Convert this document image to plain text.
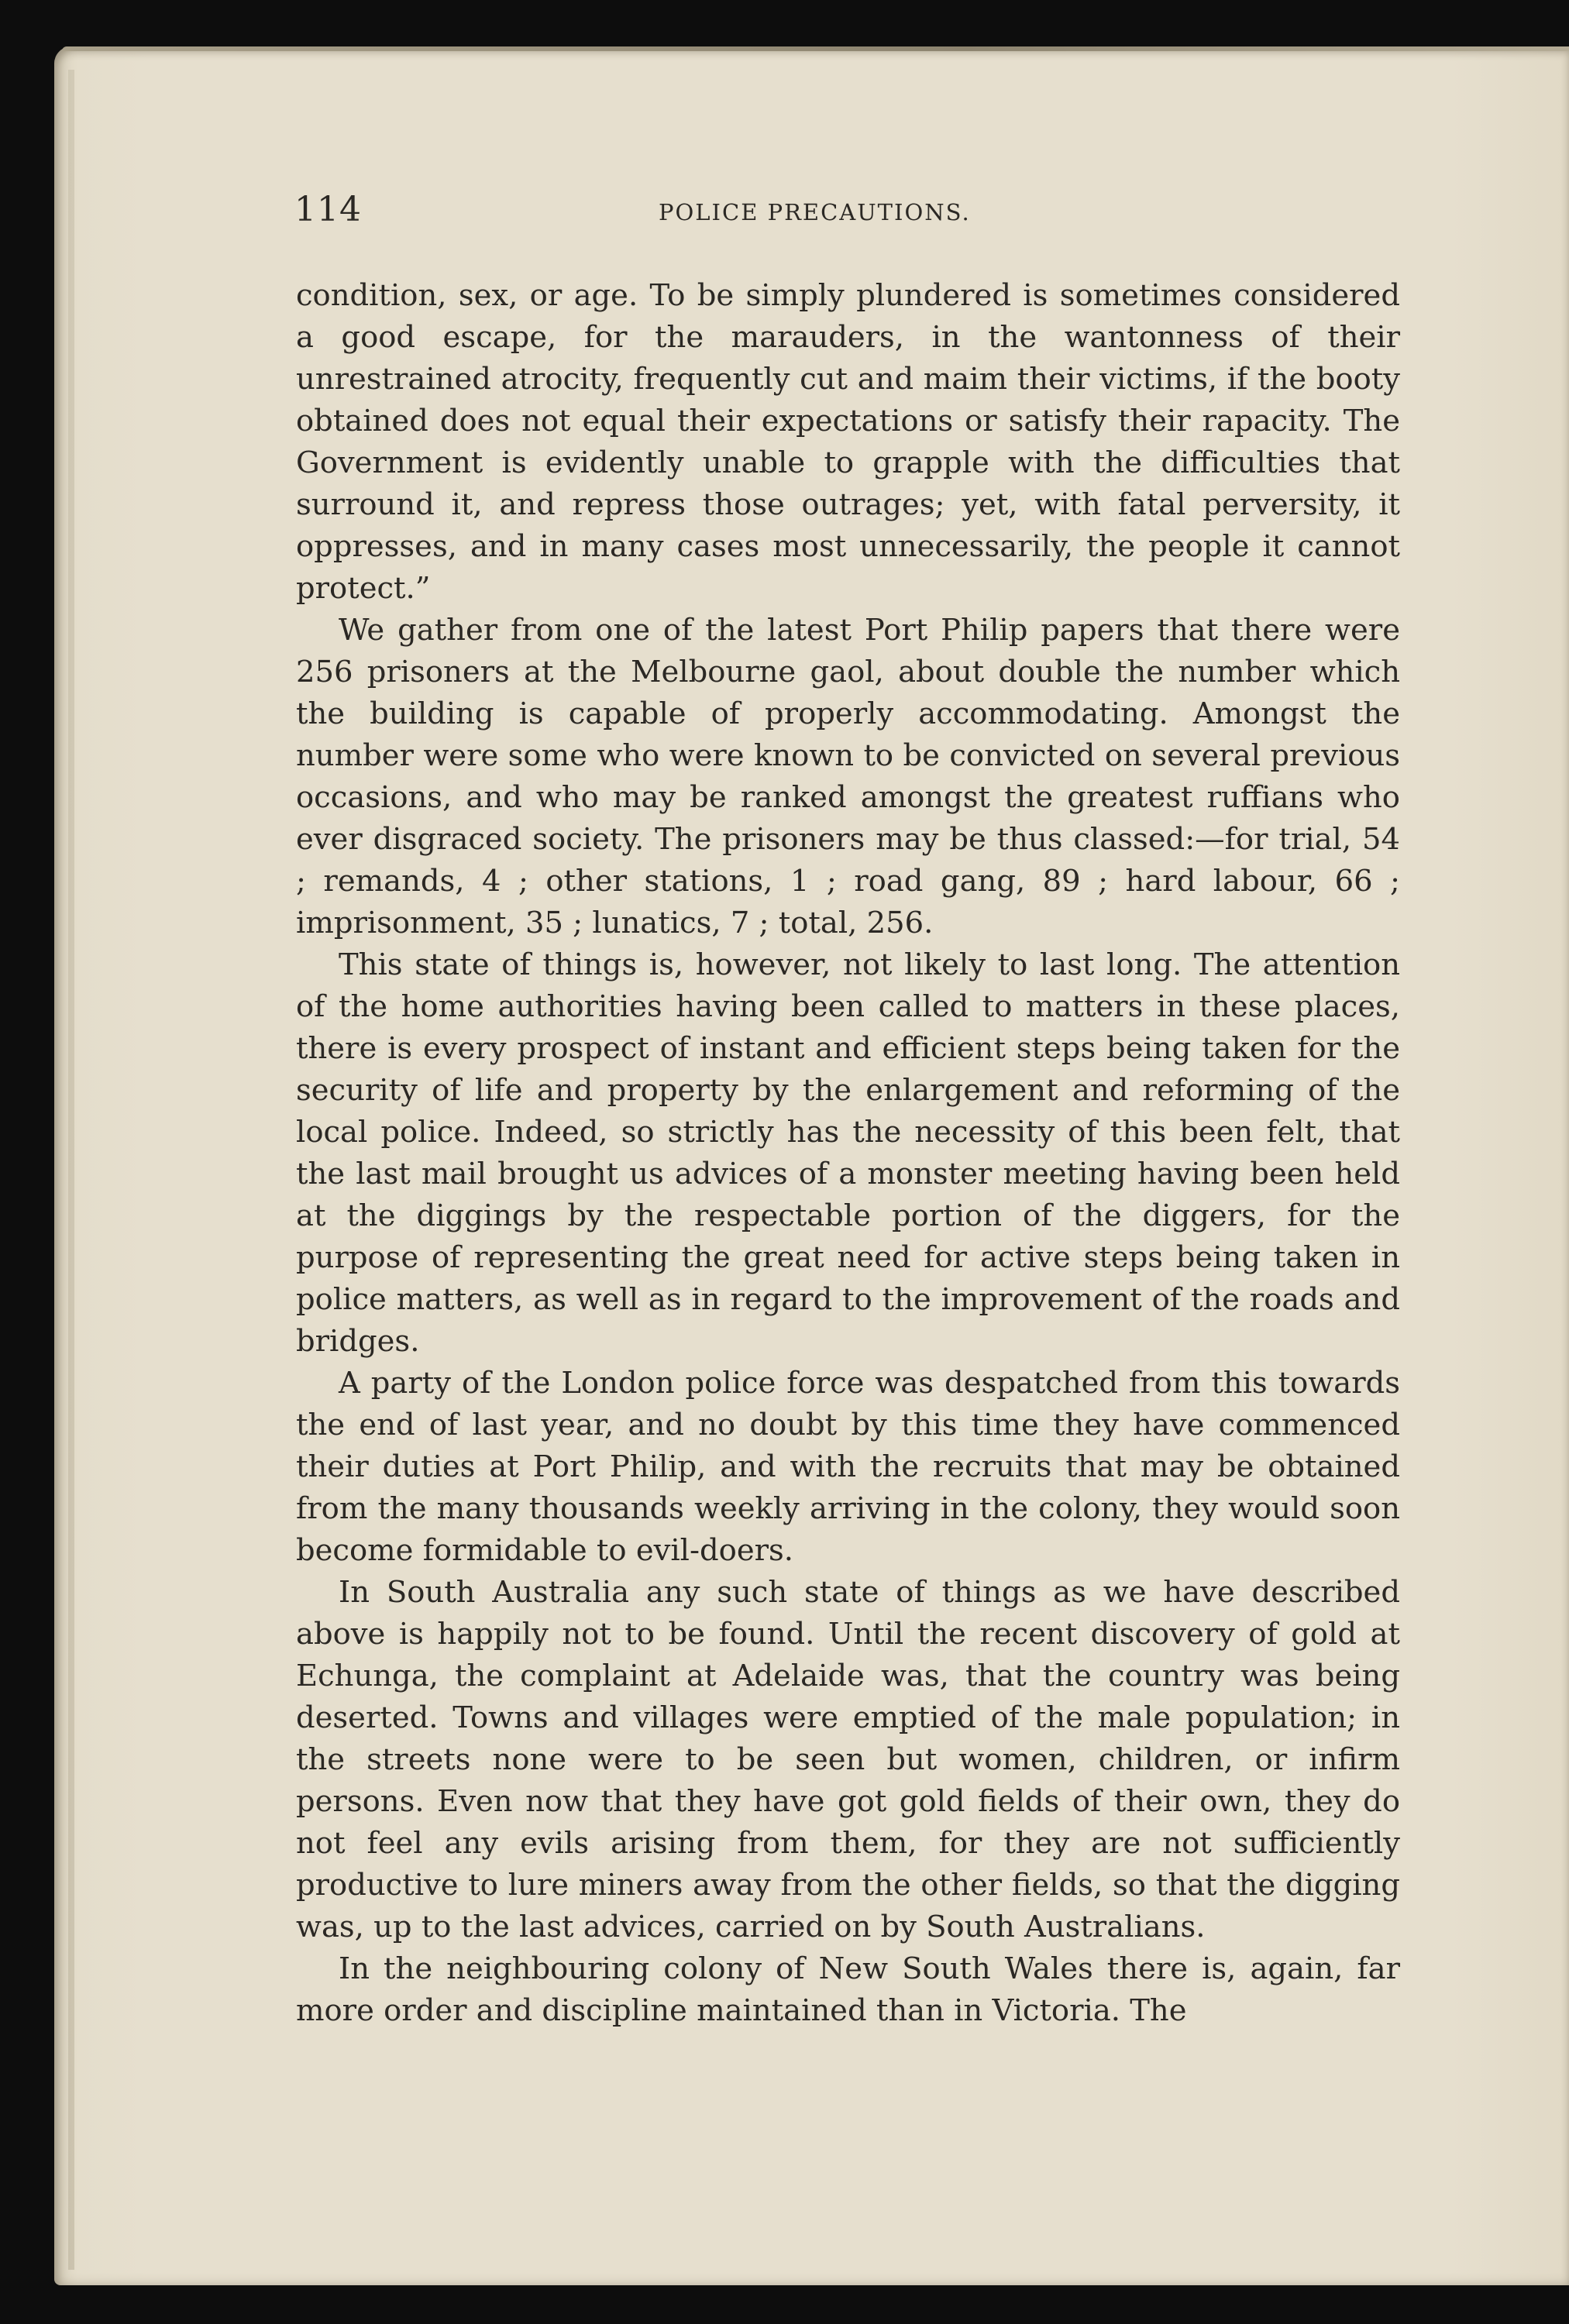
114	POLICE PRECAUTIONS.

condition, sex, or age. To be simply plundered is sometimes considered a good escape, for the marauders, in the wantonness of their unrestrained atrocity, frequently cut and maim their victims, if the booty obtained does not equal their expectations or satisfy their rapacity. The Government is evidently unable to grapple with the difficulties that surround it, and repress those outrages; yet, with fatal perversity, it oppresses, and in many cases most unnecessarily, the people it cannot protect.”

We gather from one of the latest Port Philip papers that there were 256 prisoners at the Melbourne gaol, about double the number which the building is capable of properly accommodating. Amongst the number were some who were known to be convicted on several previous occasions, and who may be ranked amongst the greatest ruffians who ever disgraced society. The prisoners may be thus classed:—for trial, 54 ; remands, 4 ; other stations, 1 ; road gang, 89 ; hard labour, 66 ; imprisonment, 35 ; lunatics, 7 ; total, 256.

This state of things is, however, not likely to last long. The attention of the home authorities having been called to matters in these places, there is every prospect of instant and efficient steps being taken for the security of life and property by the enlargement and reforming of the local police. Indeed, so strictly has the necessity of this been felt, that the last mail brought us advices of a monster meeting having been held at the diggings by the respectable portion of the diggers, for the purpose of representing the great need for active steps being taken in police matters, as well as in regard to the improvement of the roads and bridges.

A party of the London police force was despatched from this towards the end of last year, and no doubt by this time they have commenced their duties at Port Philip, and with the recruits that may be obtained from the many thousands weekly arriving in the colony, they would soon become formidable to evil-doers.

In South Australia any such state of things as we have described above is happily not to be found. Until the recent discovery of gold at Echunga, the complaint at Adelaide was, that the country was being deserted. Towns and villages were emptied of the male population; in the streets none were to be seen but women, children, or infirm persons. Even now that they have got gold fields of their own, they do not feel any evils arising from them, for they are not sufficiently productive to lure miners away from the other fields, so that the digging was, up to the last advices, carried on by South Australians.

In the neighbouring colony of New South Wales there is, again, far more order and discipline maintained than in Victoria. The
